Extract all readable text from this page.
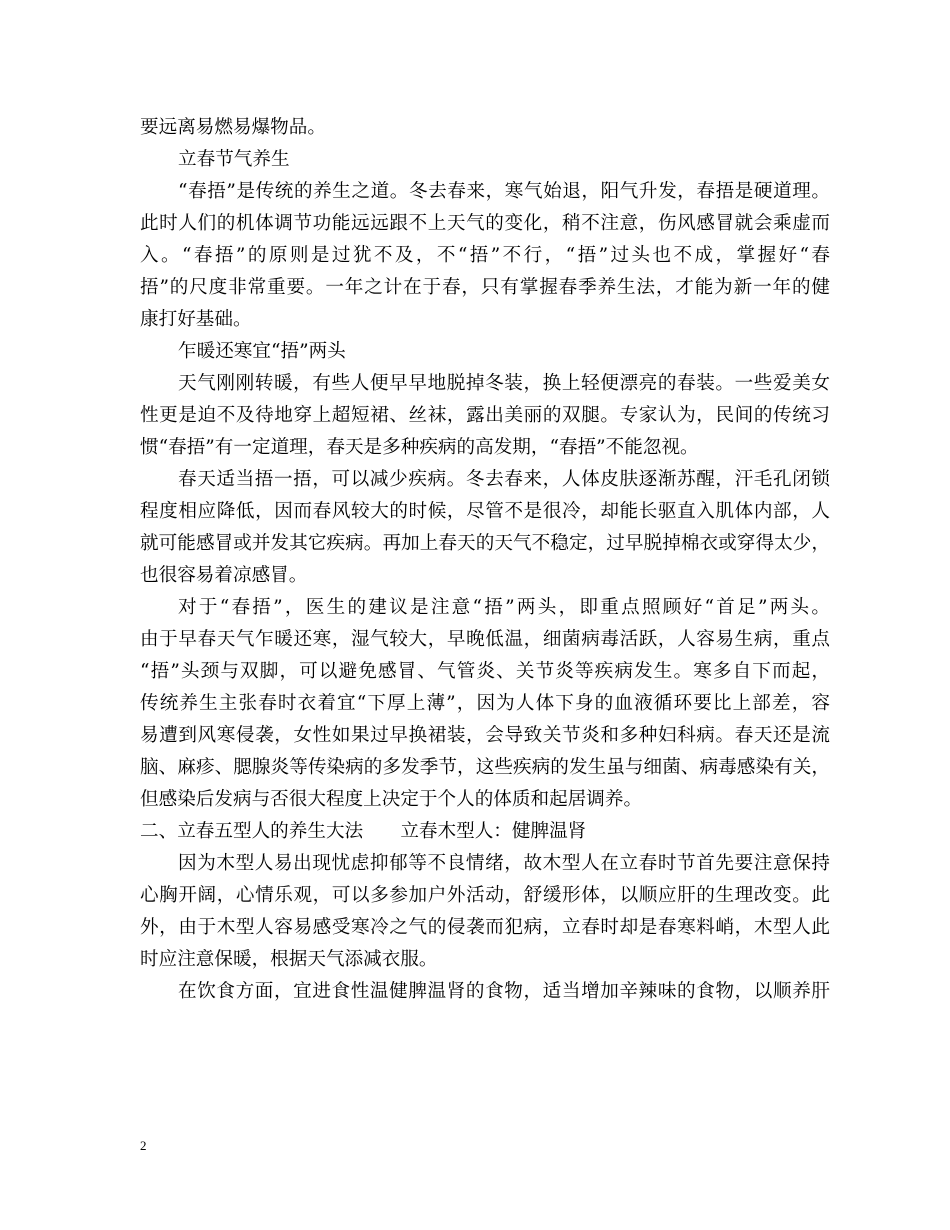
要远离易燃易爆物品。
立春节气养生
“春捂”是传统的养生之道。冬去春来，寒气始退，阳气升发，春捂是硬道理。
此时人们的机体调节功能远远跟不上天气的变化，稍不注意，伤风感冒就会乘虚而
入。“春捂”的原则是过犹不及，不“捂”不行，“捂”过头也不成，掌握好“春
捂”的尺度非常重要。一年之计在于春，只有掌握春季养生法，才能为新一年的健
康打好基础。
乍暖还寒宜“捂”两头
天气刚刚转暖，有些人便早早地脱掉冬装，换上轻便漂亮的春装。一些爱美女
性更是迫不及待地穿上超短裙、丝袜，露出美丽的双腿。专家认为，民间的传统习
惯“春捂”有一定道理，春天是多种疾病的高发期，“春捂”不能忽视。
春天适当捂一捂，可以减少疾病。冬去春来，人体皮肤逐渐苏醒，汗毛孔闭锁
程度相应降低，因而春风较大的时候，尽管不是很冷，却能长驱直入肌体内部，人
就可能感冒或并发其它疾病。再加上春天的天气不稳定，过早脱掉棉衣或穿得太少，
也很容易着凉感冒。
对于“春捂”，医生的建议是注意“捂”两头，即重点照顾好“首足”两头。
由于早春天气乍暖还寒，湿气较大，早晚低温，细菌病毒活跃，人容易生病，重点
“捂”头颈与双脚，可以避免感冒、气管炎、关节炎等疾病发生。寒多自下而起，
传统养生主张春时衣着宜“下厚上薄”，因为人体下身的血液循环要比上部差，容
易遭到风寒侵袭，女性如果过早换裙装，会导致关节炎和多种妇科病。春天还是流
脑、麻疹、腮腺炎等传染病的多发季节，这些疾病的发生虽与细菌、病毒感染有关，
但感染后发病与否很大程度上决定于个人的体质和起居调养。
二、立春五型人的养生大法　　立春木型人：健脾温肾
因为木型人易出现忧虑抑郁等不良情绪，故木型人在立春时节首先要注意保持
心胸开阔，心情乐观，可以多参加户外活动，舒缓形体，以顺应肝的生理改变。此
外，由于木型人容易感受寒冷之气的侵袭而犯病，立春时却是春寒料峭，木型人此
时应注意保暖，根据天气添减衣服。
在饮食方面，宜进食性温健脾温肾的食物，适当增加辛辣味的食物，以顺养肝
2
